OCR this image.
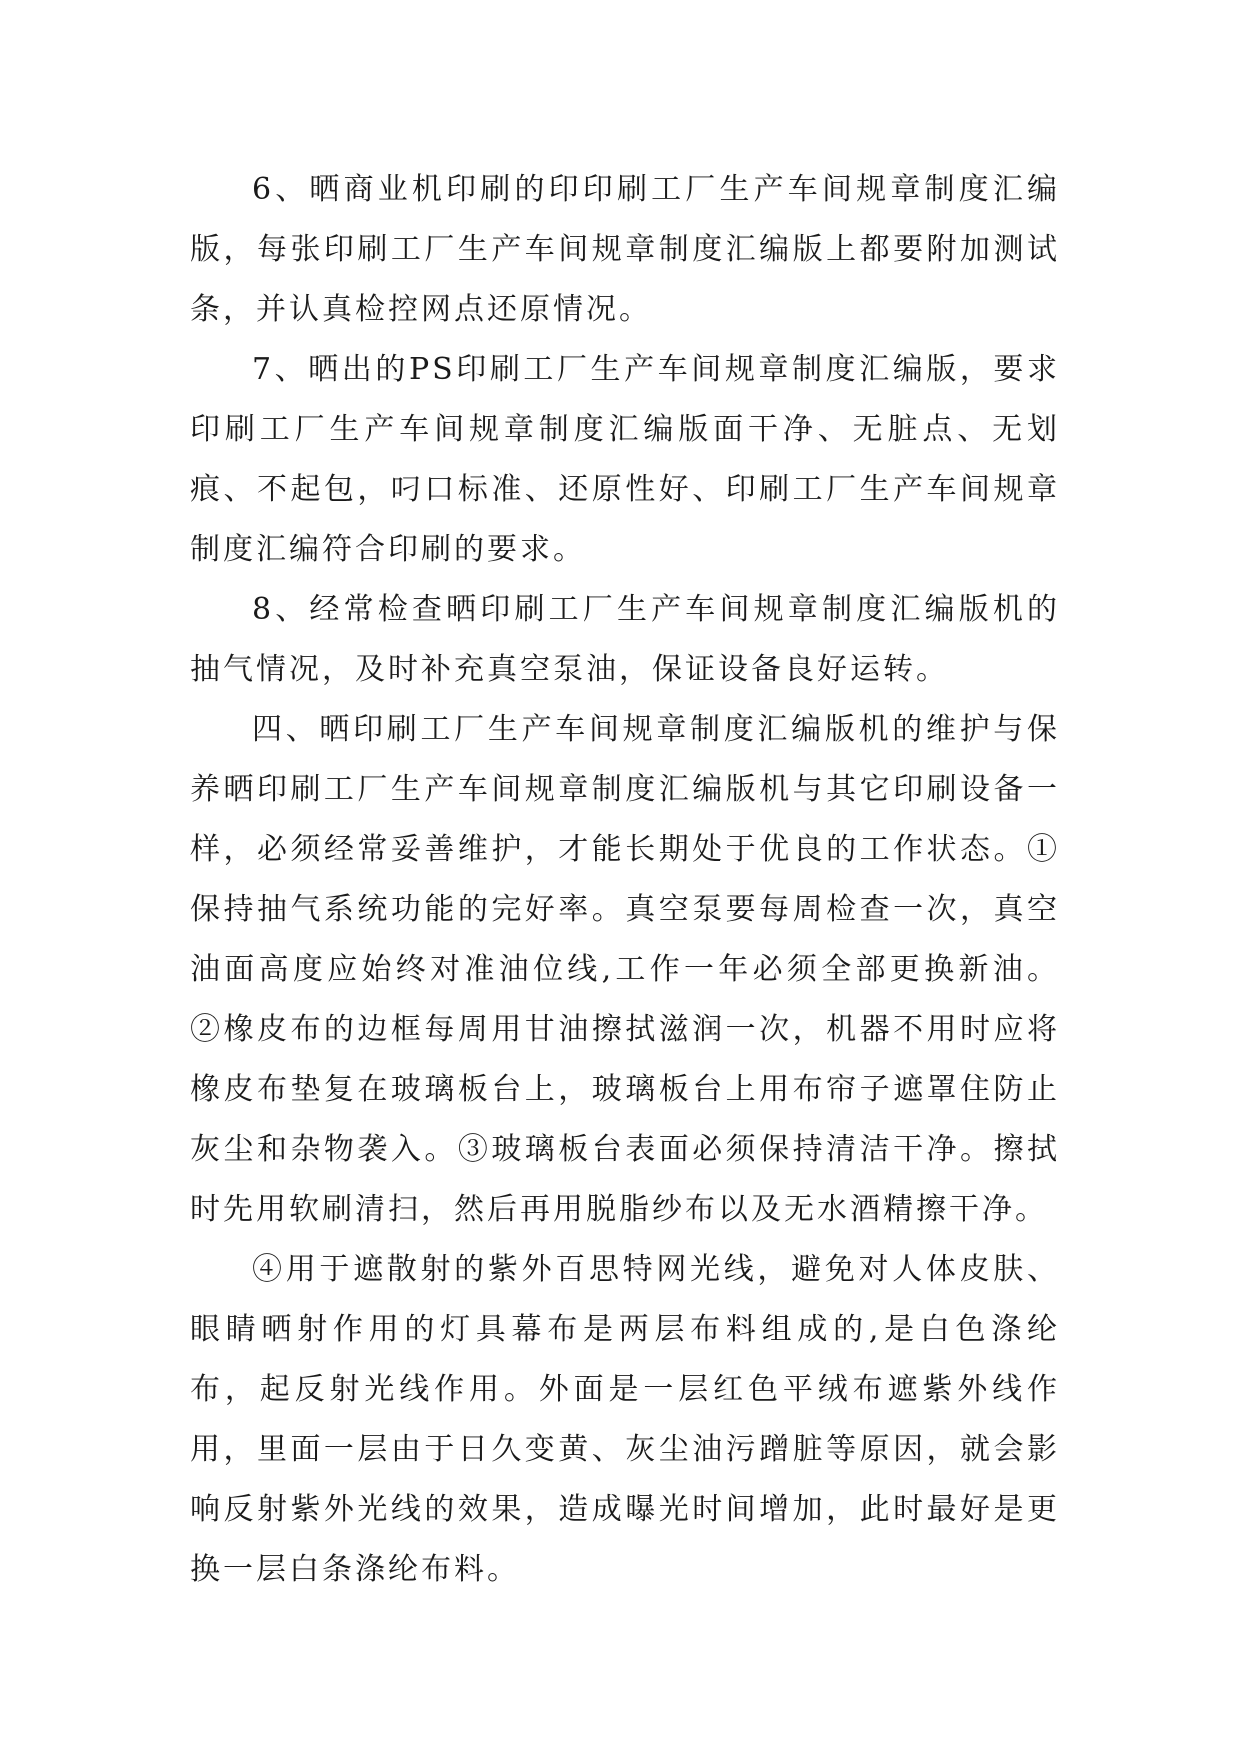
6、晒商业机印刷的印印刷工厂生产车间规章制度汇编版，每张印刷工厂生产车间规章制度汇编版上都要附加测试条，并认真检控网点还原情况。

7、晒出的PS印刷工厂生产车间规章制度汇编版，要求印刷工厂生产车间规章制度汇编版面干净、无脏点、无划痕、不起包，叼口标准、还原性好、印刷工厂生产车间规章制度汇编符合印刷的要求。

8、经常检查晒印刷工厂生产车间规章制度汇编版机的抽气情况，及时补充真空泵油，保证设备良好运转。

四、晒印刷工厂生产车间规章制度汇编版机的维护与保养晒印刷工厂生产车间规章制度汇编版机与其它印刷设备一样，必须经常妥善维护，才能长期处于优良的工作状态。①保持抽气系统功能的完好率。真空泵要每周检查一次，真空油面高度应始终对准油位线,工作一年必须全部更换新油。②橡皮布的边框每周用甘油擦拭滋润一次，机器不用时应将橡皮布垫复在玻璃板台上，玻璃板台上用布帘子遮罩住防止灰尘和杂物袭入。③玻璃板台表面必须保持清洁干净。擦拭时先用软刷清扫，然后再用脱脂纱布以及无水酒精擦干净。

④用于遮散射的紫外百思特网光线，避免对人体皮肤、眼睛晒射作用的灯具幕布是两层布料组成的,是白色涤纶布，起反射光线作用。外面是一层红色平绒布遮紫外线作用，里面一层由于日久变黄、灰尘油污蹭脏等原因，就会影响反射紫外光线的效果，造成曝光时间增加，此时最好是更换一层白条涤纶布料。
